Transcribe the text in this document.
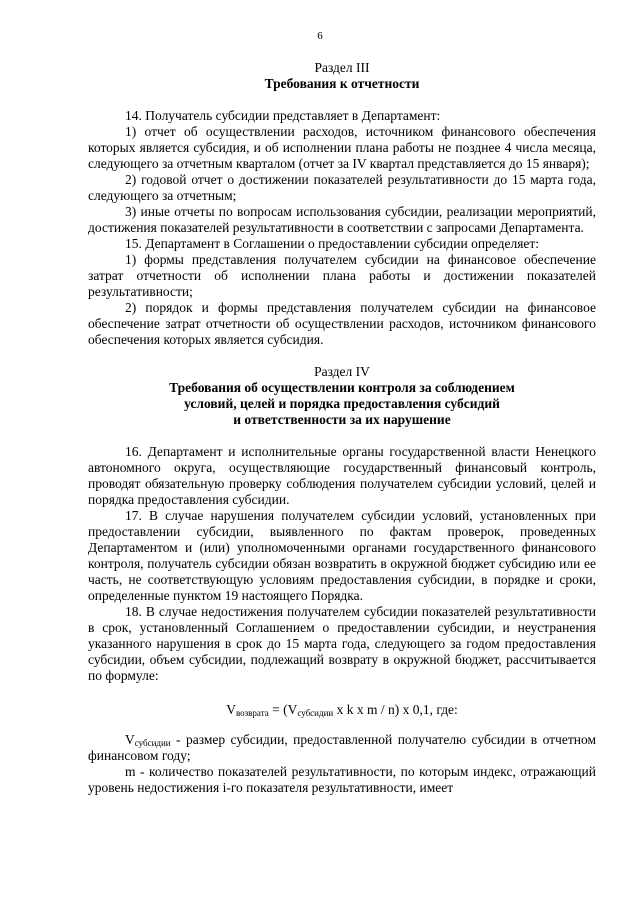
6
Раздел III
Требования к отчетности

14. Получатель субсидии представляет в Департамент:

1) отчет об осуществлении расходов, источником финансового обеспечения которых является субсидия, и об исполнении плана работы не позднее 4 числа месяца, следующего за отчетным кварталом (отчет за IV квартал представляется до 15 января);

2) годовой отчет о достижении показателей результативности до 15 марта года, следующего за отчетным;

3) иные отчеты по вопросам использования субсидии, реализации мероприятий, достижения показателей результативности в соответствии с запросами Департамента.

15. Департамент в Соглашении о предоставлении субсидии определяет:

1) формы представления получателем субсидии на финансовое обеспечение затрат отчетности об исполнении плана работы и достижении показателей результативности;

2) порядок и формы представления получателем субсидии на финансовое обеспечение затрат отчетности об осуществлении расходов, источником финансового обеспечения которых является субсидия.

Раздел IV
Требования об осуществлении контроля за соблюдением
условий, целей и порядка предоставления субсидий
и ответственности за их нарушение

16. Департамент и исполнительные органы государственной власти Ненецкого автономного округа, осуществляющие государственный финансовый контроль, проводят обязательную проверку соблюдения получателем субсидии условий, целей и порядка предоставления субсидии.

17. В случае нарушения получателем субсидии условий, установленных при предоставлении субсидии, выявленного по фактам проверок, проведенных Департаментом и (или) уполномоченными органами государственного финансового контроля, получатель субсидии обязан возвратить в окружной бюджет субсидию или ее часть, не соответствующую условиям предоставления субсидии, в порядке и сроки, определенные пунктом 19 настоящего Порядка.

18. В случае недостижения получателем субсидии показателей результативности в срок, установленный Соглашением о предоставлении субсидии, и неустранения указанного нарушения в срок до 15 марта года, следующего за годом предоставления субсидии, объем субсидии, подлежащий возврату в окружной бюджет, рассчитывается по формуле:

$V_{возврата} = (V_{субсидии}$ x k x m / n) x 0,1, где:

$V_{субсидии}$ - размер субсидии, предоставленной получателю субсидии в отчетном финансовом году;

m - количество показателей результативности, по которым индекс, отражающий уровень недостижения i-го показателя результативности, имеет
